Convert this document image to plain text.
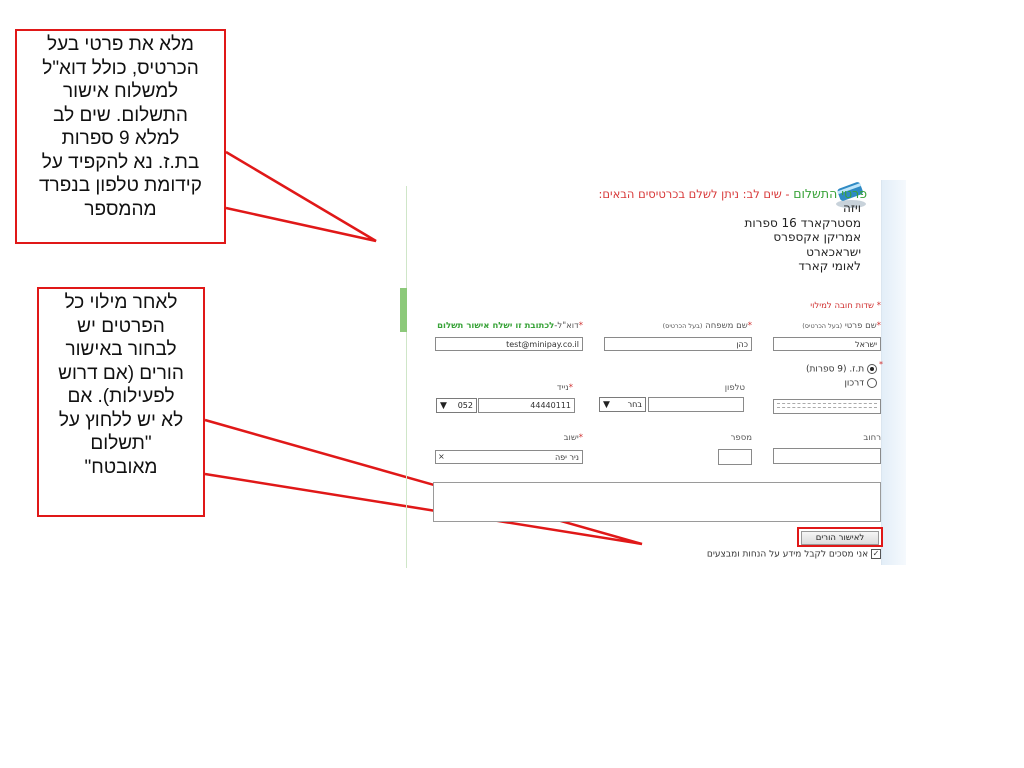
מלא את פרטי בעל
הכרטיס, כולל דוא"ל
למשלוח אישור
התשלום. שים לב
למלא 9 ספרות
בת.ז. נא להקפיד על
קידומת טלפון בנפרד
מהמספר
לאחר מילוי כל
הפרטים יש
לבחור באישור
הורים (אם דרוש
לפעילות). אם
לא יש ללחוץ על
"תשלום
מאובטח"
פרטי התשלום - שים לב: ניתן לשלם בכרטיסים הבאים:
ויזה
מסטרקארד 16 ספרות
אמריקן אקספרס
ישראכארט
לאומי קארד
* שדות חובה למילוי
*שם פרטי (בעל הכרטיס)
*שם משפחה (בעל הכרטיס)
*דוא"ל-לכתובת זו ישלח אישור תשלום
ישראל
כהן
test@minipay.co.il
*
ת.ז. (9 ספרות)
דרכון
טלפון
*נייד
▼ בחר
44440111
▼ 052
רחוב
מספר
*ישוב
ניר יפה
×
לאישור הורים
✓ אני מסכים לקבל מידע על הנחות ומבצעים
